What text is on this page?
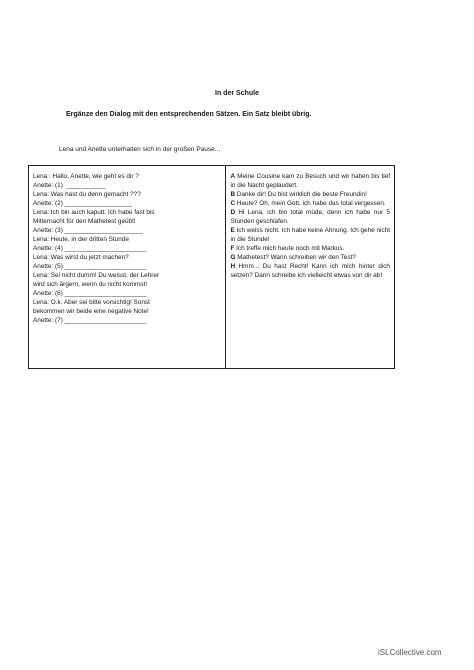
In der Schule
Ergänze den Dialog mit den entsprechenden Sätzen. Ein Satz bleibt übrig.
Lena und Anette unterhalten sich in der großen Pause...
Lena : Hallo, Anette, wie geht es dir ?
Anette: (1)  ___________
Lena: Was hast du denn gemacht ???
Anette: (2) ___________________
Lena: Ich bin auch kaputt. Ich habe fast bis
Mitternacht für den Mathetest geübt!
Anette: (3) ______________________
Lena: Heute, in der dritten Stunde
Anette: (4) _______________________
Lena: Was wirst du jetzt machen?
Anette: (5) _______________________
Lena: Sei nicht dumm! Du weisst, der Lehrer
wird sich ärgern, wenn du nicht kommst!
Anette: (6) _______________________
Lena: O.k. Aber sei bitte vorsichtig! Sonst
bekommen wir beide eine negative Note!
Anette: (7) _______________________
A Meine Cousine kam zu Besuch und wir haben bis tief in die Nacht geplaudert.
B Danke dir! Du bist wirklich die beste Freundin!
C Heute? Oh, mein Gott, ich habe das total vergessen.
D Hi Lena, ich bin total müde, denn ich habe nur 5 Stunden geschlafen.
E Ich weiss nicht. Ich habe keine Ahnung. Ich gehe nicht in die Stunde!
F Ich treffe mich heute noch mit Markus.
G Mathetest? Wann schreiben wir den Test?
H Hmm... Du hast Recht! Kann ich mich hinter dich setzen? Dann schreibe ich vielleicht etwas von dir ab!
iSLCollective.com
